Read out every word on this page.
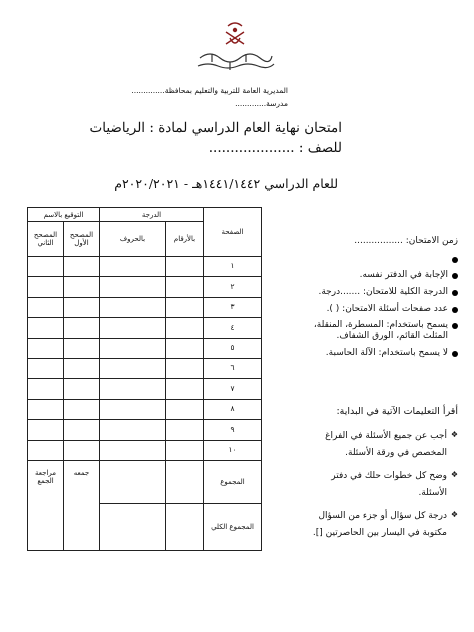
المديرية العامة للتربية والتعليم بمحافظة..............
مدرسة.............
امتحان نهاية العام الدراسي لمادة : الرياضيات
للصف : ....................
للعام الدراسي ١٤٤١/١٤٤٢هـ - ٢٠٢٠/٢٠٢١م
الصفحة	الدرجة		التوقيع بالاسم	
	بالأرقام	بالحروف	المصحح الأول	المصحح الثاني
١				
٢				
٣				
٤				
٥				
٦				
٧				
٨				
٩				
١٠				
المجموع			جمعه	مراجعة الجمع
المجموع الكلي				
زمن الامتحان: .................
الإجابة في الدفتر نفسه.
الدرجة الكلية للامتحان: .......درجة.
عدد صفحات أسئلة الامتحان: ( ).
يسمح باستخدام: المسطرة، المنقلة، المثلث القائم، الورق الشفاف.
لا يسمح باستخدام: الآلة الحاسبة.
أقرأ التعليمات الآتية في البداية:
❖
أجب عن جميع الأسئلة في الفراغ المخصص في ورقة الأسئلة.
❖
وضح كل خطوات حلك في دفتر الأسئلة.
❖
درجة كل سؤال أو جزء من السؤال مكتوبة في اليسار بين الحاصرتين [].
